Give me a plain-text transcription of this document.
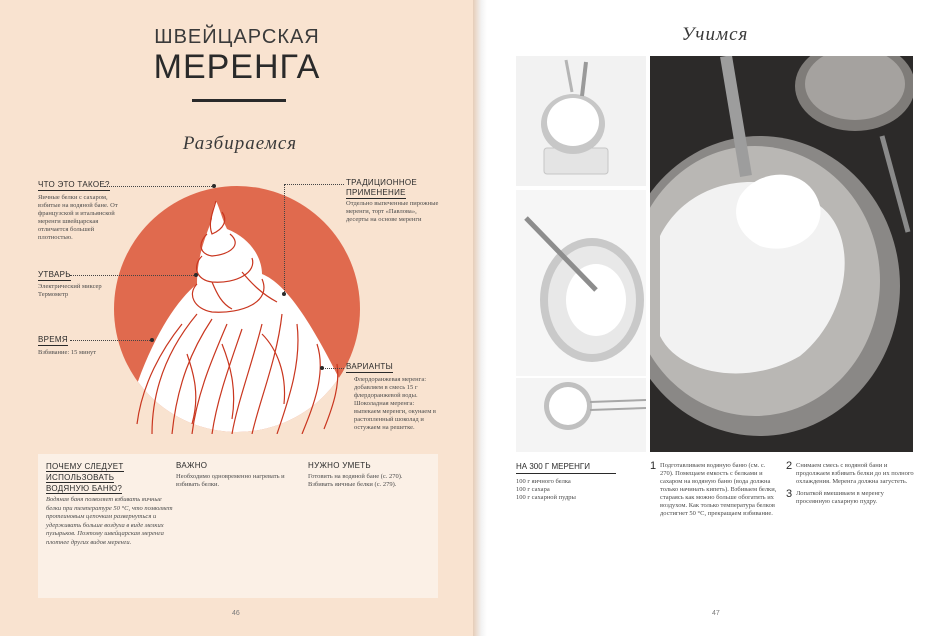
ШВЕЙЦАРСКАЯ
МЕРЕНГА
Разбираемся
ЧТО ЭТО ТАКОЕ?
Яичные белки с сахаром, взбитые на водяной бане. От французской и итальянской меренги швейцарская отличается большей плотностью.
УТВАРЬ
Электрический миксер Термометр
ВРЕМЯ
Взбивание: 15 минут
ТРАДИЦИОННОЕ
ПРИМЕНЕНИЕ
Отдельно выпеченные пирожные меренги, торт «Павлова», десерты на основе меренги
ВАРИАНТЫ
Флердоранжевая меренга: добавляем в смесь 15 г флердоранжевой воды. Шоколадная меренга: выпекаем меренги, окунаем в растопленный шоколад и остужаем на решетке.
ПОЧЕМУ СЛЕДУЕТ
ИСПОЛЬЗОВАТЬ
ВОДЯНУЮ БАНЮ?
Водяная баня позволяет взбивать яичные белки при температуре 50 °C, что позволяет протеиновым цепочкам развернуться и удерживать больше воздуха в виде мелких пузырьков. Поэтому швейцарская меренга плотнее других видов меренги.
ВАЖНО
Необходимо одновременно нагревать и взбивать белки.
НУЖНО УМЕТЬ
Готовить на водяной бане (с. 270).
Взбивать яичные белки (с. 279).
46
Учимся
НА 300 Г МЕРЕНГИ
100 г яичного белка
100 г сахара
100 г сахарной пудры
1 Подготавливаем водяную баню (см. с. 270). Помещаем емкость с белками и сахаром на водяную баню (вода должна только начинать кипеть). Взбиваем белки, стараясь как можно больше обогатить их воздухом. Как только температура белков достигнет 50 °C, прекращаем взбивание.
2 Снимаем смесь с водяной бани и продолжаем взбивать белки до их полного охлаждения. Меренга должна загустеть.
3 Лопаткой вмешиваем в меренгу просеянную сахарную пудру.
47
